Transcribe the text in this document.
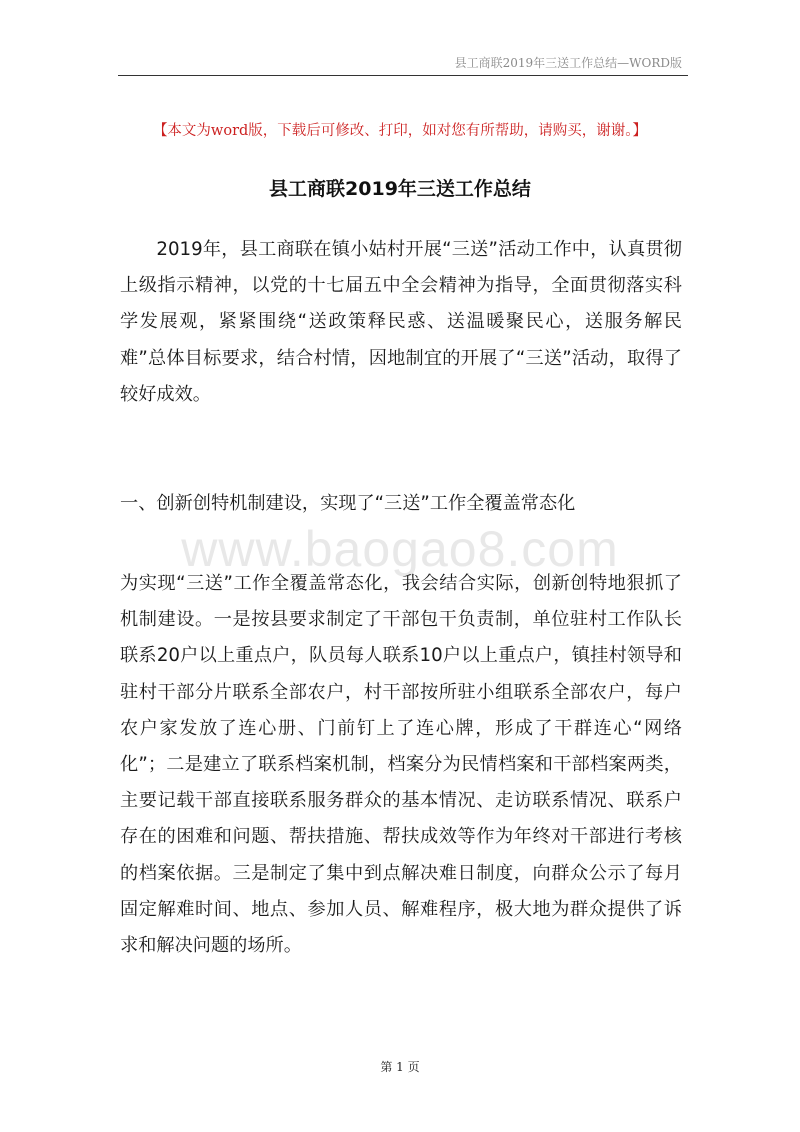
县工商联2019年三送工作总结—WORD版
【本文为word版，下载后可修改、打印，如对您有所帮助，请购买，谢谢。】
县工商联2019年三送工作总结

2019年，县工商联在镇小姑村开展“三送”活动工作中，认真贯彻上级指示精神，以党的十七届五中全会精神为指导，全面贯彻落实科学发展观，紧紧围绕“送政策释民惑、送温暖聚民心，送服务解民难”总体目标要求，结合村情，因地制宜的开展了“三送”活动，取得了较好成效。

一、创新创特机制建设，实现了“三送”工作全覆盖常态化
www.baogao8.com

为实现“三送”工作全覆盖常态化，我会结合实际，创新创特地狠抓了机制建设。一是按县要求制定了干部包干负责制，单位驻村工作队长联系20户以上重点户，队员每人联系10户以上重点户，镇挂村领导和驻村干部分片联系全部农户，村干部按所驻小组联系全部农户，每户农户家发放了连心册、门前钉上了连心牌，形成了干群连心“网络化”；二是建立了联系档案机制，档案分为民情档案和干部档案两类，主要记载干部直接联系服务群众的基本情况、走访联系情况、联系户存在的困难和问题、帮扶措施、帮扶成效等作为年终对干部进行考核的档案依据。三是制定了集中到点解决难日制度，向群众公示了每月固定解难时间、地点、参加人员、解难程序，极大地为群众提供了诉求和解决问题的场所。

第 1 页
